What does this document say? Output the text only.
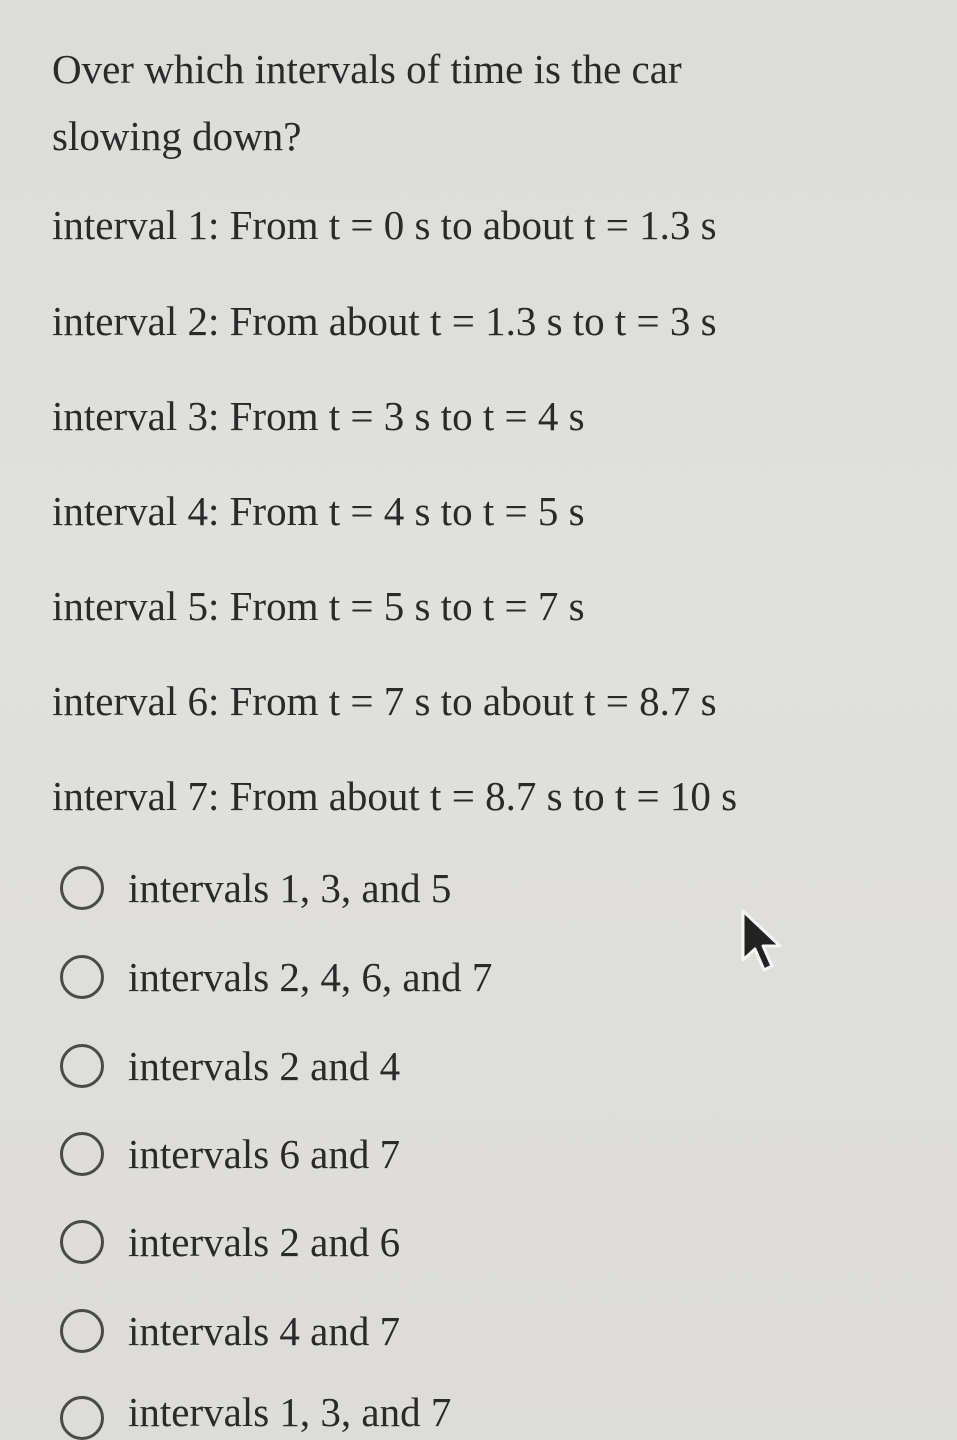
Over which intervals of time is the car slowing down?
interval 1: From t = 0 s to about t = 1.3 s
interval 2: From about t = 1.3 s to t = 3 s
interval 3: From t = 3 s to t = 4 s
interval 4: From t = 4 s to t = 5 s
interval 5: From t = 5 s to t = 7 s
interval 6: From t = 7 s to about t = 8.7 s
interval 7: From about t = 8.7 s to t = 10 s
intervals 1, 3, and 5
intervals 2, 4, 6, and 7
intervals 2 and 4
intervals 6 and 7
intervals 2 and 6
intervals 4 and 7
intervals 1, 3, and 7
